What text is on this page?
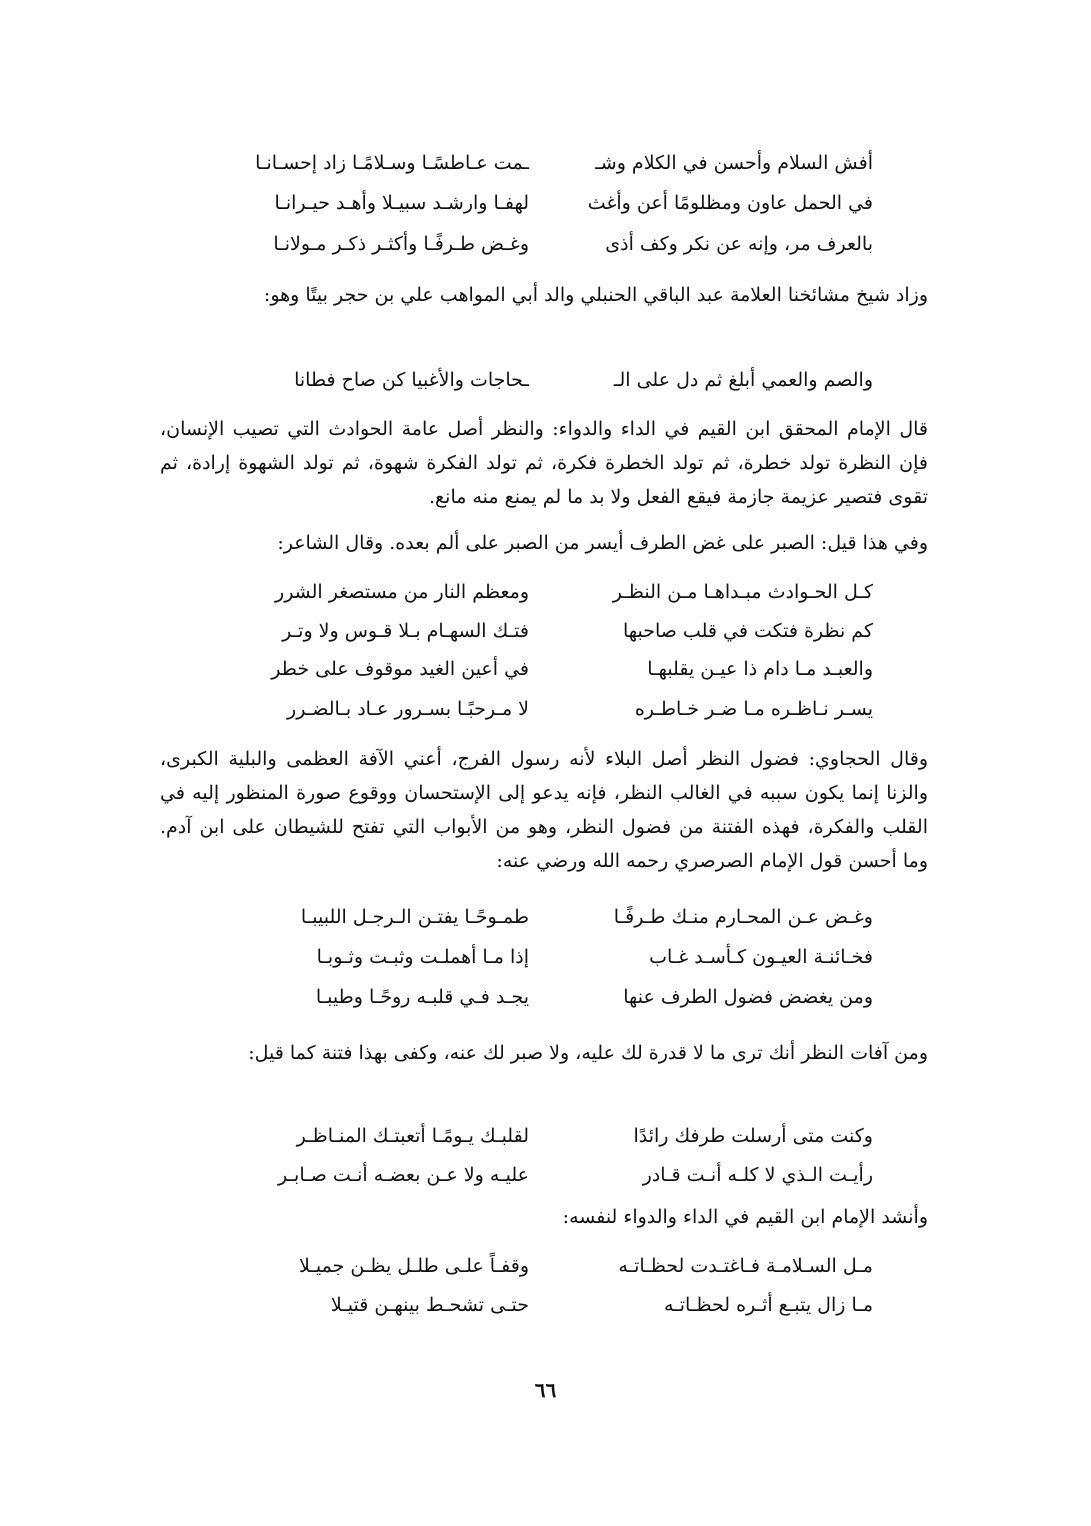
أفش السلام وأحسن في الكلام وشـ
ـمت عـاطسًـا وسـلامًـا زاد إحسـانـا
في الحمل عاون ومظلومًا أعن وأغث
لهفـا وارشـد سبيـلا وأهـد حيـرانـا
بالعرف مر، وإنه عن نكر وكف أذى
وغـض طـرفًـا وأكثـر ذكـر مـولانـا
وزاد شيخ مشائخنا العلامة عبد الباقي الحنبلي والد أبي المواهب علي بن حجر بيتًا وهو:
والصم والعمي أبلغ ثم دل على الـ
ـحاجات والأغبيا كن صاح فطانا
قال الإمام المحقق ابن القيم في الداء والدواء: والنظر أصل عامة الحوادث التي تصيب الإنسان، فإن النظرة تولد خطرة، ثم تولد الخطرة فكرة، ثم تولد الفكرة شهوة، ثم تولد الشهوة إرادة، ثم تقوى فتصير عزيمة جازمة فيقع الفعل ولا بد ما لم يمنع منه مانع.
وفي هذا قيل: الصبر على غض الطرف أيسر من الصبر على ألم بعده. وقال الشاعر:
كـل الحـوادث مبـداهـا مـن النظـر
ومعظم النار من مستصغر الشرر
كم نظرة فتكت في قلب صاحبها
فتـك السهـام بـلا قـوس ولا وتـر
والعبـد مـا دام ذا عيـن يقلبهـا
في أعين الغيد موقوف على خطر
يسـر نـاظـره مـا ضـر خـاطـره
لا مـرحبًـا بسـرور عـاد بـالضـرر
وقال الحجاوي: فضول النظر أصل البلاء لأنه رسول الفرج، أعني الآفة العظمى والبلية الكبرى، والزنا إنما يكون سببه في الغالب النظر، فإنه يدعو إلى الإستحسان ووقوع صورة المنظور إليه في القلب والفكرة، فهذه الفتنة من فضول النظر، وهو من الأبواب التي تفتح للشيطان على ابن آدم. وما أحسن قول الإمام الصرصري رحمه الله ورضي عنه:
وغـض عـن المحـارم منـك طـرفًـا
طمـوحًـا يفتـن الـرجـل اللبيبـا
فخـائنـة العيـون كـأسـد غـاب
إذا مـا أهملـت وثبـت وثـوبـا
ومن يغضض فضول الطرف عنها
يجـد فـي قلبـه روحًـا وطيبـا
ومن آفات النظر أنك ترى ما لا قدرة لك عليه، ولا صبر لك عنه، وكفى بهذا فتنة كما قيل:
وكنت متى أرسلت طرفك رائدًا
لقلبـك يـومًـا أتعبتـك المنـاظـر
رأيـت الـذي لا كلـه أنـت قـادر
عليـه ولا عـن بعضـه أنـت صـابـر
وأنشد الإمام ابن القيم في الداء والدواء لنفسه:
مـل السـلامـة فـاغتـدت لحظـاتـه
وقفـاً علـى طلـل يظـن جميـلا
مـا زال يتبـع أثـره لحظـاتـه
حتـى تشحـط بينهـن قتيـلا
٦٦
